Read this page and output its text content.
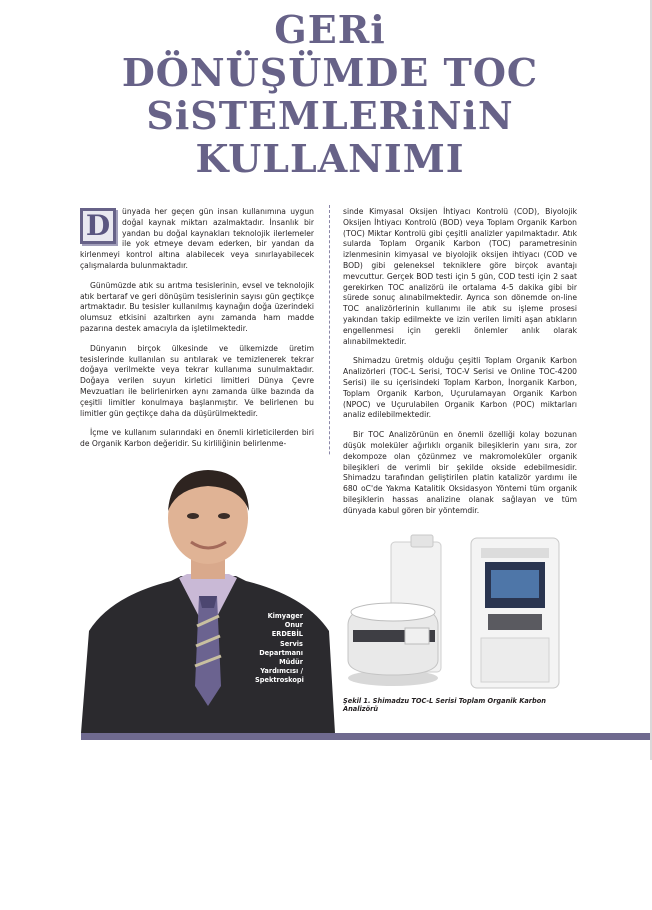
GERi
DÖNÜŞÜMDE TOC
SiSTEMLERiNiN
KULLANIMI

D	ünyada her geçen gün insan kullanımına uygun doğal kaynak miktarı azalmaktadır. İnsanlık bir yandan bu doğal kaynakları teknolojik ilerlemeler ile yok etmeye devam ederken, bir yandan da kirlenmeyi kontrol altına alabilecek veya sınırlayabilecek çalışmalarda bulunmaktadır.

Günümüzde atık su arıtma tesislerinin, evsel ve teknolojik atık bertaraf ve geri dönüşüm tesislerinin sayısı gün geçtikçe artmaktadır. Bu tesisler kullanılmış kaynağın doğa üzerindeki olumsuz etkisini azaltırken aynı zamanda ham madde pazarına destek amacıyla da işletilmektedir.

Dünyanın birçok ülkesinde ve ülkemizde üretim tesislerinde kullanılan su arıtılarak ve temizlenerek tekrar doğaya verilmekte veya tekrar kullanıma sunulmaktadır. Doğaya verilen suyun kirletici limitleri Dünya Çevre Mevzuatları ile belirlenirken aynı zamanda ülke bazında da çeşitli limitler konulmaya başlanmıştır. Ve belirlenen bu limitler gün geçtikçe daha da düşürülmektedir.

İçme ve kullanım sularındaki en önemli kirleticilerden biri de Organik Karbon değeridir. Su kirliliğinin belirlenme-

sinde Kimyasal Oksijen İhtiyacı Kontrolü (COD), Biyolojik Oksijen İhtiyacı Kontrolü (BOD) veya Toplam Organik Karbon (TOC) Miktar Kontrolü gibi çeşitli analizler yapılmaktadır. Atık sularda Toplam Organik Karbon (TOC) parametresinin izlenmesinin kimyasal ve biyolojik oksijen ihtiyacı (COD ve BOD) gibi geleneksel tekniklere göre birçok avantajı mevcuttur. Gerçek BOD testi için 5 gün, COD testi için 2 saat gerekirken TOC analizörü ile ortalama 4-5 dakika gibi bir sürede sonuç alınabilmektedir. Ayrıca son dönemde on-line TOC analizörlerinin kullanımı ile atık su işleme prosesi yakından takip edilmekte ve izin verilen limiti aşan atıkların engellenmesi için gerekli önlemler anlık olarak alınabilmektedir.

Shimadzu üretmiş olduğu çeşitli Toplam Organik Karbon Analizörleri (TOC-L Serisi, TOC-V Serisi ve Online TOC-4200 Serisi) ile su içerisindeki Toplam Karbon, İnorganik Karbon, Toplam Organik Karbon, Uçurulamayan Organik Karbon (NPOC) ve Uçurulabilen Organik Karbon (POC) miktarları analiz edilebilmektedir.

Bir TOC Analizörünün en önemli özelliği kolay bozunan düşük moleküler ağırlıklı organik bileşiklerin yanı sıra, zor dekompoze olan çözünmez ve makromoleküler organik bileşikleri de verimli bir şekilde okside edebilmesidir. Shimadzu tarafından geliştirilen platin katalizör yardımı ile 680 oC'de Yakma Katalitik Oksidasyon Yöntemi tüm organik bileşiklerin hassas analizine olanak sağlayan ve tüm dünyada kabul gören bir yöntemdir.

Kimyager
Onur ERDEBİL
Servis
Departmanı
Müdür
Yardımcısı /
Spektroskopi
Şekil 1. Shimadzu TOC-L Serisi Toplam Organik Karbon Analizörü
